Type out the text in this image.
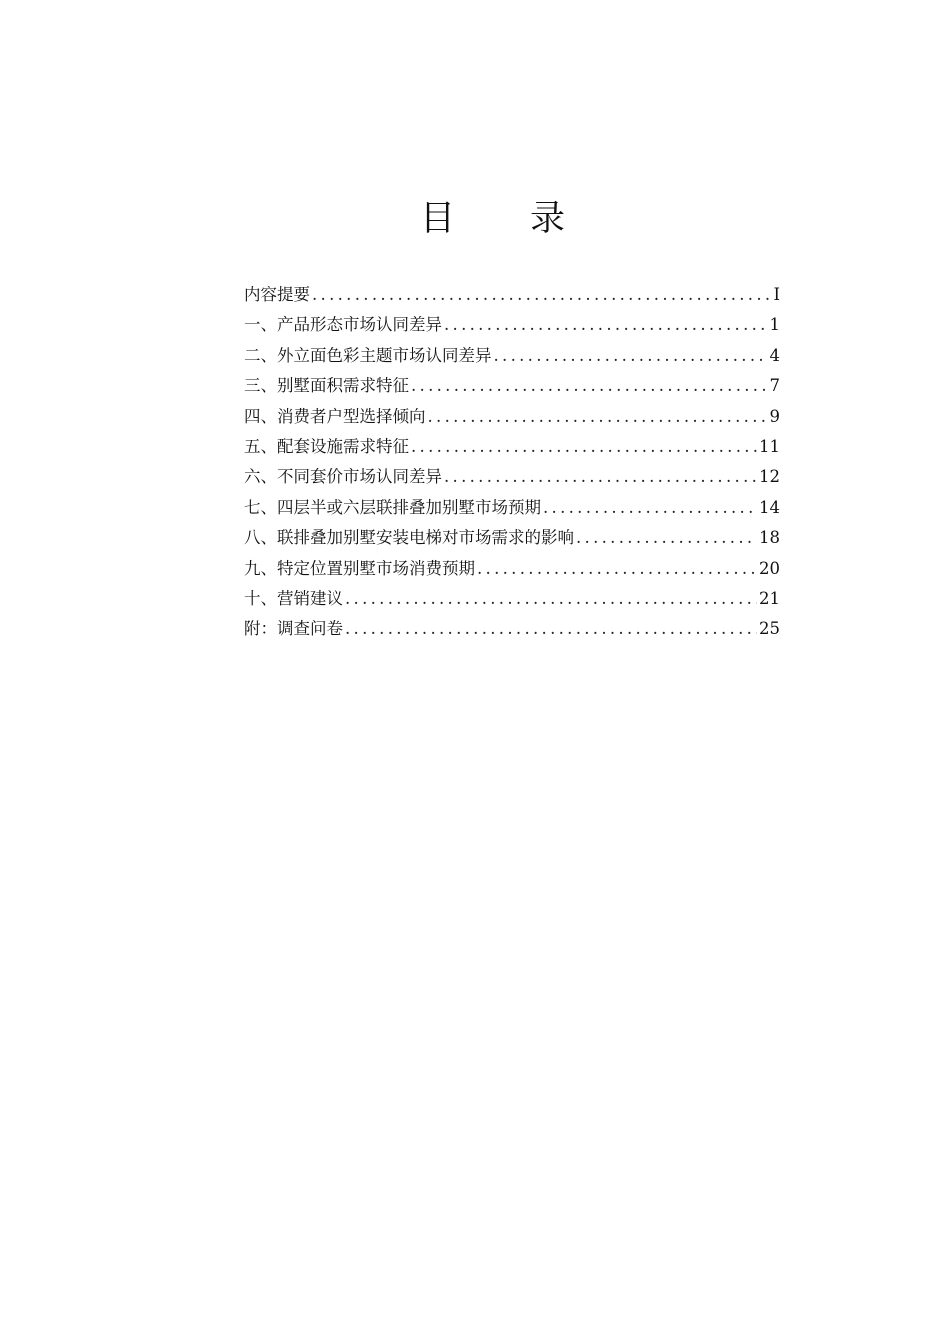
目录
内容提要 .....	I
一、产品形态市场认同差异 .....	1
二、外立面色彩主题市场认同差异 .....	4
三、别墅面积需求特征 .....	7
四、消费者户型选择倾向 .....	9
五、配套设施需求特征 .....	11
六、不同套价市场认同差异 .....	12
七、四层半或六层联排叠加别墅市场预期 .....	14
八、联排叠加别墅安装电梯对市场需求的影响 .....	18
九、特定位置别墅市场消费预期 .....	20
十、营销建议 .....	21
附：调查问卷 .....	25
